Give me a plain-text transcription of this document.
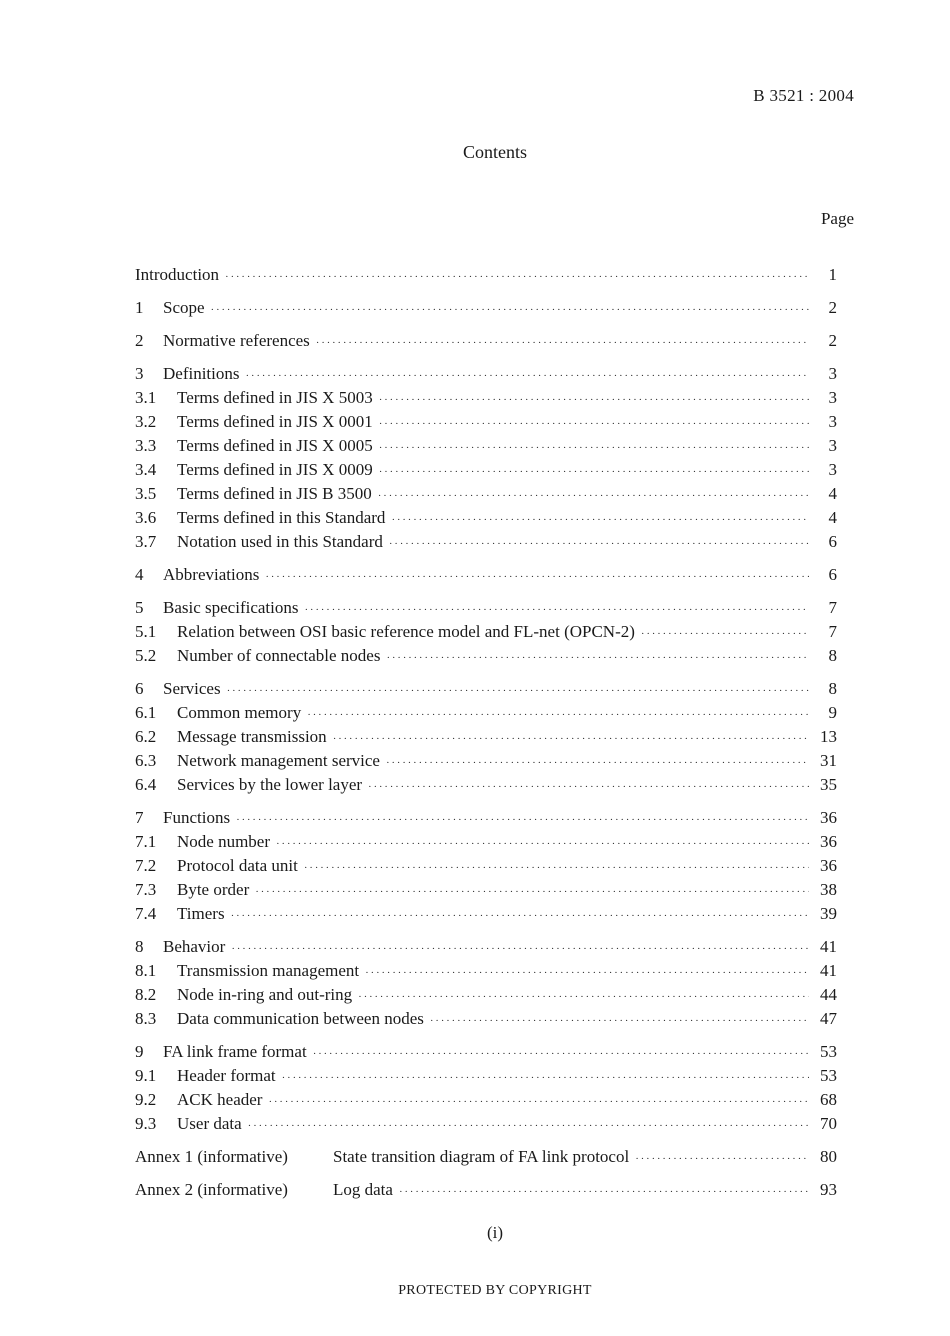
B 3521 : 2004
Contents
Page
Introduction · · ·	1
1	Scope · · ·	2
2	Normative references · · ·	2
3	Definitions · · ·	3
3.1	Terms defined in JIS X 5003 · · ·	3
3.2	Terms defined in JIS X 0001 · · ·	3
3.3	Terms defined in JIS X 0005 · · ·	3
3.4	Terms defined in JIS X 0009 · · ·	3
3.5	Terms defined in JIS B 3500 · · ·	4
3.6	Terms defined in this Standard · · ·	4
3.7	Notation used in this Standard · · ·	6
4	Abbreviations · · ·	6
5	Basic specifications · · ·	7
5.1	Relation between OSI basic reference model and FL-net (OPCN-2) · · ·	7
5.2	Number of connectable nodes · · ·	8
6	Services · · ·	8
6.1	Common memory · · ·	9
6.2	Message transmission · · ·	13
6.3	Network management service · · ·	31
6.4	Services by the lower layer · · ·	35
7	Functions · · ·	36
7.1	Node number · · ·	36
7.2	Protocol data unit · · ·	36
7.3	Byte order · · ·	38
7.4	Timers · · ·	39
8	Behavior · · ·	41
8.1	Transmission management · · ·	41
8.2	Node in-ring and out-ring · · ·	44
8.3	Data communication between nodes · · ·	47
9	FA link frame format · · ·	53
9.1	Header format · · ·	53
9.2	ACK header · · ·	68
9.3	User data · · ·	70
Annex 1 (informative)	State transition diagram of FA link protocol · · ·	80
Annex 2 (informative)	Log data · · ·	93
(i)
PROTECTED BY COPYRIGHT
